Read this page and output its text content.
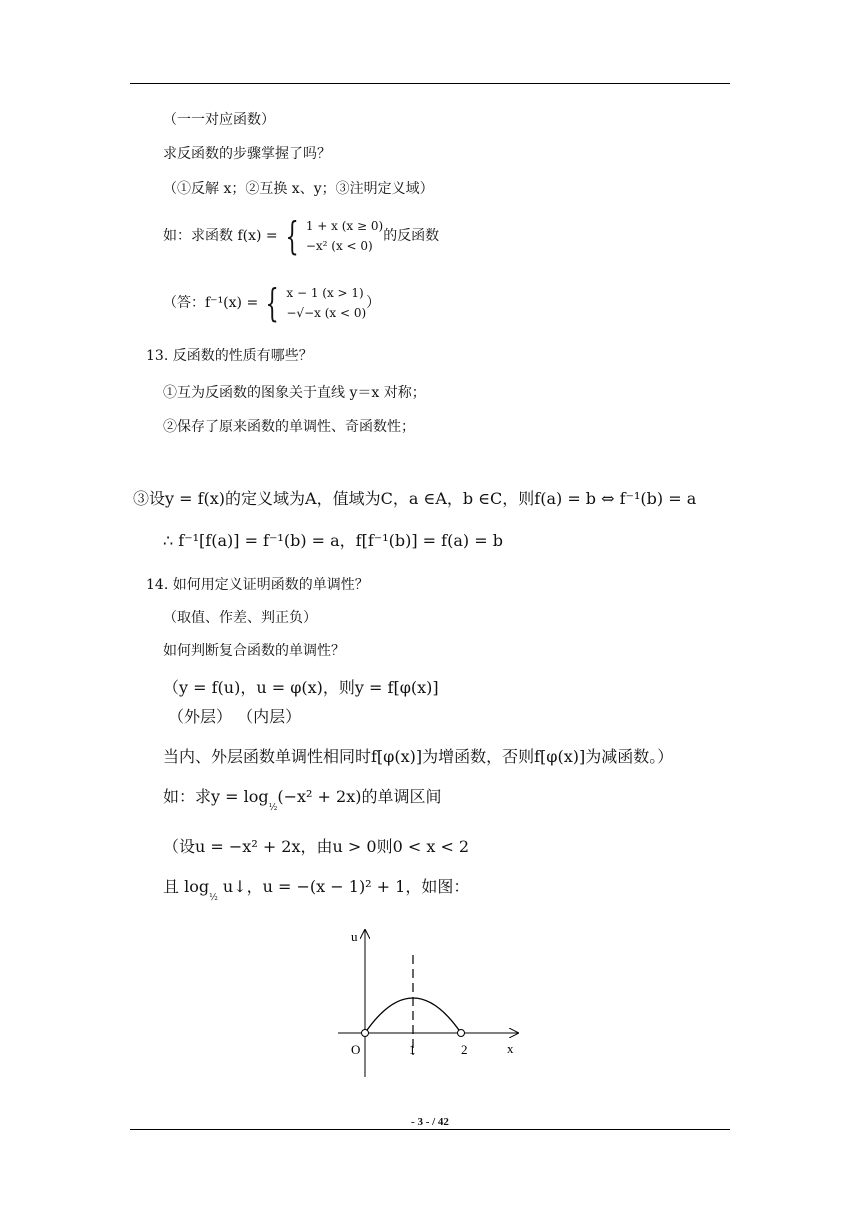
（一一对应函数）
求反函数的步骤掌握了吗？
（①反解 x；②互换 x、y；③注明定义域）
如：求函数 f(x) = { 1 + x (x ≥ 0)
−x² (x < 0)
的反函数
（答：f⁻¹(x) = { x − 1 (x > 1)
−√−x (x < 0)
）
13. 反函数的性质有哪些？
①互为反函数的图象关于直线 y＝x 对称；
②保存了原来函数的单调性、奇函数性；
③设y = f(x)的定义域为A，值域为C，a ∈A，b ∈C，则f(a) = b ⇔ f⁻¹(b) = a
∴ f⁻¹[f(a)] = f⁻¹(b) = a，f[f⁻¹(b)] = f(a) = b
14. 如何用定义证明函数的单调性？
（取值、作差、判正负）
如何判断复合函数的单调性？
（y = f(u)，u = φ(x)，则y = f[φ(x)]
（外层） （内层）
当内、外层函数单调性相同时f[φ(x)]为增函数，否则f[φ(x)]为减函数。）
如：求$y = \log_{\frac{1}{2}}(-x^2 + 2x)$的单调区间
（设u = −x² + 2x，由u > 0则0 < x < 2
且 $\log_{\frac{1}{2}}$ u↓，u = −(x − 1)² + 1，如图：
u
x
O	1	2
- 3 - / 42
